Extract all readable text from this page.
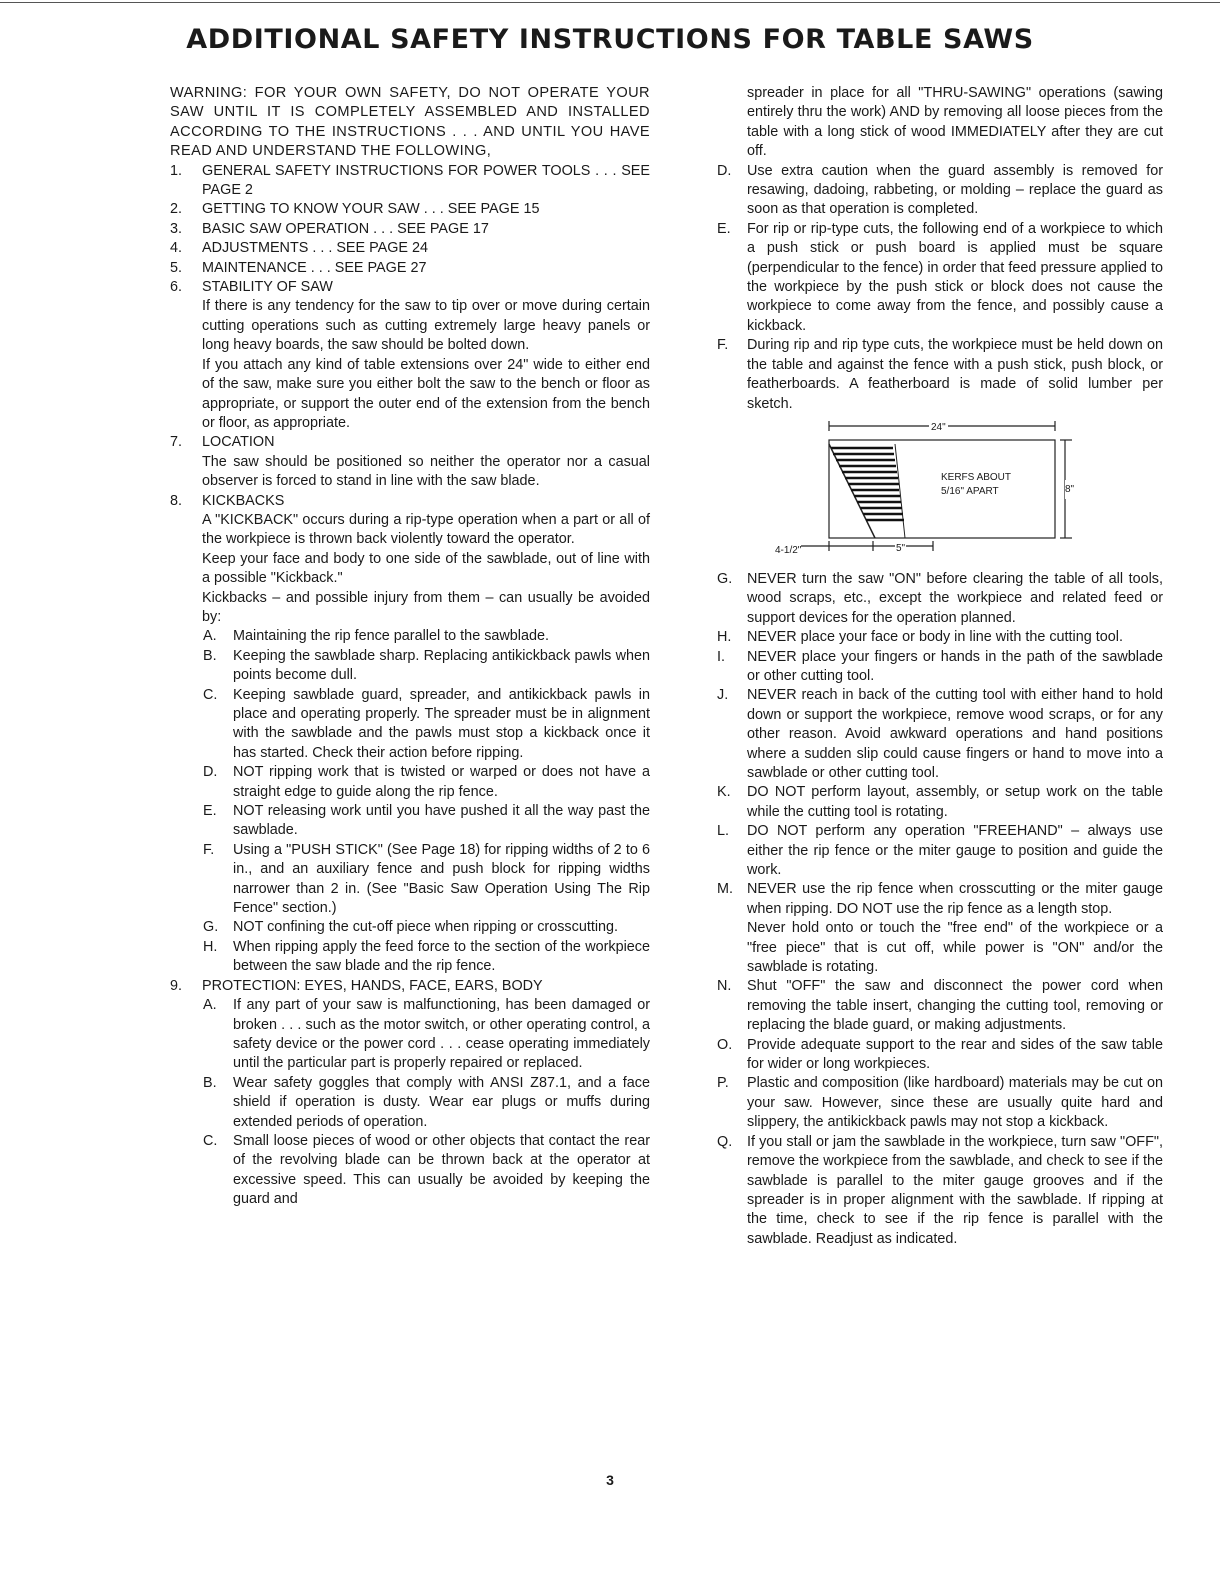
ADDITIONAL SAFETY INSTRUCTIONS FOR TABLE SAWS

WARNING: FOR YOUR OWN SAFETY, DO NOT OPERATE YOUR SAW UNTIL IT IS COMPLETELY ASSEMBLED AND INSTALLED ACCORDING TO THE INSTRUCTIONS . . . AND UNTIL YOU HAVE READ AND UNDERSTAND THE FOLLOWING,

1. GENERAL SAFETY INSTRUCTIONS FOR POWER TOOLS . . . SEE PAGE 2

2. GETTING TO KNOW YOUR SAW . . . SEE PAGE 15

3. BASIC SAW OPERATION . . . SEE PAGE 17

4. ADJUSTMENTS . . . SEE PAGE 24

5. MAINTENANCE . . . SEE PAGE 27

6. STABILITY OF SAW

If there is any tendency for the saw to tip over or move during certain cutting operations such as cutting extremely large heavy panels or long heavy boards, the saw should be bolted down.

If you attach any kind of table extensions over 24" wide to either end of the saw, make sure you either bolt the saw to the bench or floor as appropriate, or support the outer end of the extension from the bench or floor, as appropriate.

7. LOCATION

The saw should be positioned so neither the operator nor a casual observer is forced to stand in line with the saw blade.

8. KICKBACKS

A "KICKBACK" occurs during a rip-type operation when a part or all of the workpiece is thrown back violently toward the operator.

Keep your face and body to one side of the sawblade, out of line with a possible "Kickback."

Kickbacks – and possible injury from them – can usually be avoided by:

A. Maintaining the rip fence parallel to the sawblade.

B. Keeping the sawblade sharp. Replacing antikickback pawls when points become dull.

C. Keeping sawblade guard, spreader, and antikickback pawls in place and operating properly. The spreader must be in alignment with the sawblade and the pawls must stop a kickback once it has started. Check their action before ripping.

D. NOT ripping work that is twisted or warped or does not have a straight edge to guide along the rip fence.

E. NOT releasing work until you have pushed it all the way past the sawblade.

F. Using a "PUSH STICK" (See Page 18) for ripping widths of 2 to 6 in., and an auxiliary fence and push block for ripping widths narrower than 2 in. (See "Basic Saw Operation Using The Rip Fence" section.)

G. NOT confining the cut-off piece when ripping or crosscutting.

H. When ripping apply the feed force to the section of the workpiece between the saw blade and the rip fence.

9. PROTECTION: EYES, HANDS, FACE, EARS, BODY

A. If any part of your saw is malfunctioning, has been damaged or broken . . . such as the motor switch, or other operating control, a safety device or the power cord . . . cease operating immediately until the particular part is properly repaired or replaced.

B. Wear safety goggles that comply with ANSI Z87.1, and a face shield if operation is dusty. Wear ear plugs or muffs during extended periods of operation.

C. Small loose pieces of wood or other objects that contact the rear of the revolving blade can be thrown back at the operator at excessive speed. This can usually be avoided by keeping the guard and

spreader in place for all "THRU-SAWING" operations (sawing entirely thru the work) AND by removing all loose pieces from the table with a long stick of wood IMMEDIATELY after they are cut off.

D. Use extra caution when the guard assembly is removed for resawing, dadoing, rabbeting, or molding – replace the guard as soon as that operation is completed.

E. For rip or rip-type cuts, the following end of a workpiece to which a push stick or push board is applied must be square (perpendicular to the fence) in order that feed pressure applied to the workpiece by the push stick or block does not cause the workpiece to come away from the fence, and possibly cause a kickback.

F. During rip and rip type cuts, the workpiece must be held down on the table and against the fence with a push stick, push block, or featherboards. A featherboard is made of solid lumber per sketch.

24"
KERFS ABOUT
5/16" APART	8"
4-1/2"	5"

G. NEVER turn the saw "ON" before clearing the table of all tools, wood scraps, etc., except the workpiece and related feed or support devices for the operation planned.

H. NEVER place your face or body in line with the cutting tool.

I. NEVER place your fingers or hands in the path of the sawblade or other cutting tool.

J. NEVER reach in back of the cutting tool with either hand to hold down or support the workpiece, remove wood scraps, or for any other reason. Avoid awkward operations and hand positions where a sudden slip could cause fingers or hand to move into a sawblade or other cutting tool.

K. DO NOT perform layout, assembly, or setup work on the table while the cutting tool is rotating.

L. DO NOT perform any operation "FREEHAND" – always use either the rip fence or the miter gauge to position and guide the work.

M. NEVER use the rip fence when crosscutting or the miter gauge when ripping. DO NOT use the rip fence as a length stop.

Never hold onto or touch the "free end" of the workpiece or a "free piece" that is cut off, while power is "ON" and/or the sawblade is rotating.

N. Shut "OFF" the saw and disconnect the power cord when removing the table insert, changing the cutting tool, removing or replacing the blade guard, or making adjustments.

O. Provide adequate support to the rear and sides of the saw table for wider or long workpieces.

P. Plastic and composition (like hardboard) materials may be cut on your saw. However, since these are usually quite hard and slippery, the antikickback pawls may not stop a kickback.

Q. If you stall or jam the sawblade in the workpiece, turn saw "OFF", remove the workpiece from the sawblade, and check to see if the sawblade is parallel to the miter gauge grooves and if the spreader is in proper alignment with the sawblade. If ripping at the time, check to see if the rip fence is parallel with the sawblade. Readjust as indicated.

3
